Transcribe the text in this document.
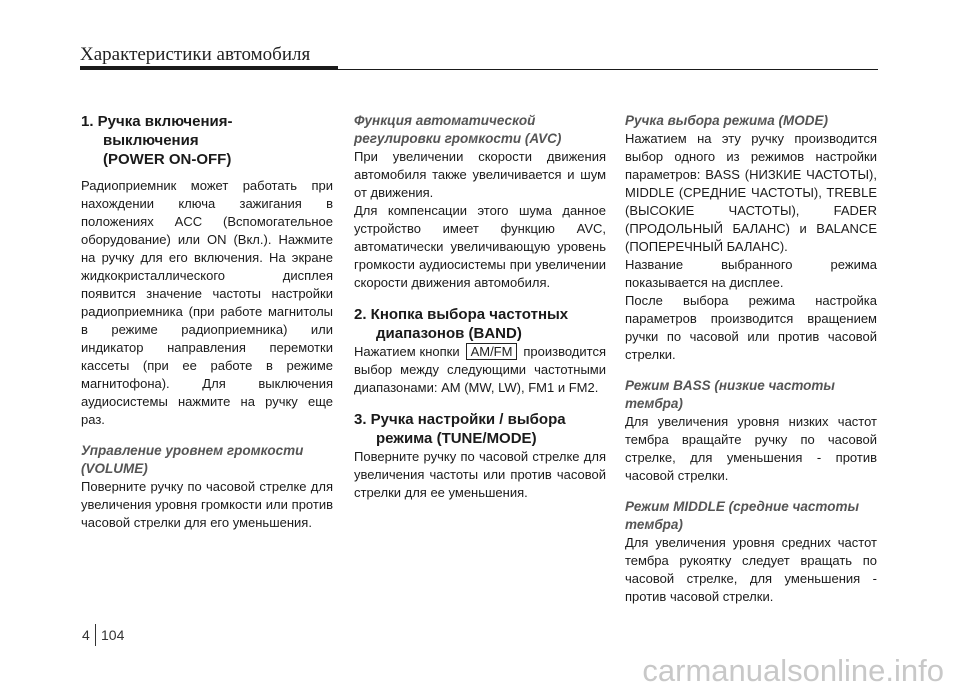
Характеристики автомобиля
1. Ручка включения-
выключения
(POWER ON-OFF)

Радиоприемник может работать при нахождении ключа зажигания в положениях ACC (Вспомогательное оборудование) или ON (Вкл.). Нажмите на ручку для его включения. На экране жидкокристаллического дисплея появится значение частоты настройки радиоприемника (при работе магнитолы в режиме радиоприемника) или индикатор направления перемотки кассеты (при ее работе в режиме магнитофона). Для выключения аудиосистемы нажмите на ручку еще раз.

Управление уровнем громкости
(VOLUME)

Поверните ручку по часовой стрелке для увеличения уровня громкости или против часовой стрелки для его уменьшения.

Функция автоматической
регулировки громкости (AVC)

При увеличении скорости движения автомобиля также увеличивается и шум от движения.

Для компенсации этого шума данное устройство имеет функцию AVC, автоматически увеличивающую уровень громкости аудиосистемы при увеличении скорости движения автомобиля.

2. Кнопка выбора частотных
диапазонов (BAND)

Нажатием кнопки AM/FM производится выбор между следующими частотными диапазонами: AM (MW, LW), FM1 и FM2.

3. Ручка настройки / выбора
режима (TUNE/MODE)

Поверните ручку по часовой стрелке для увеличения частоты или против часовой стрелки для ее уменьшения.

Ручка выбора режима (MODE)

Нажатием на эту ручку производится выбор одного из режимов настройки параметров: BASS (НИЗКИЕ ЧАСТОТЫ), MIDDLE (СРЕДНИЕ ЧАСТОТЫ), TREBLE (ВЫСОКИЕ ЧАСТОТЫ), FADER (ПРОДОЛЬНЫЙ БАЛАНС) и BALANCE (ПОПЕРЕЧНЫЙ БАЛАНС).

Название выбранного режима показывается на дисплее.

После выбора режима настройка параметров производится вращением ручки по часовой или против часовой стрелки.

Режим BASS (низкие частоты
тембра)

Для увеличения уровня низких частот тембра вращайте ручку по часовой стрелке, для уменьшения - против часовой стрелки.

Режим MIDDLE (средние частоты
тембра)

Для увеличения уровня средних частот тембра рукоятку следует вращать по часовой стрелке, для уменьшения - против часовой стрелки.

4 104
carmanualsonline.info
